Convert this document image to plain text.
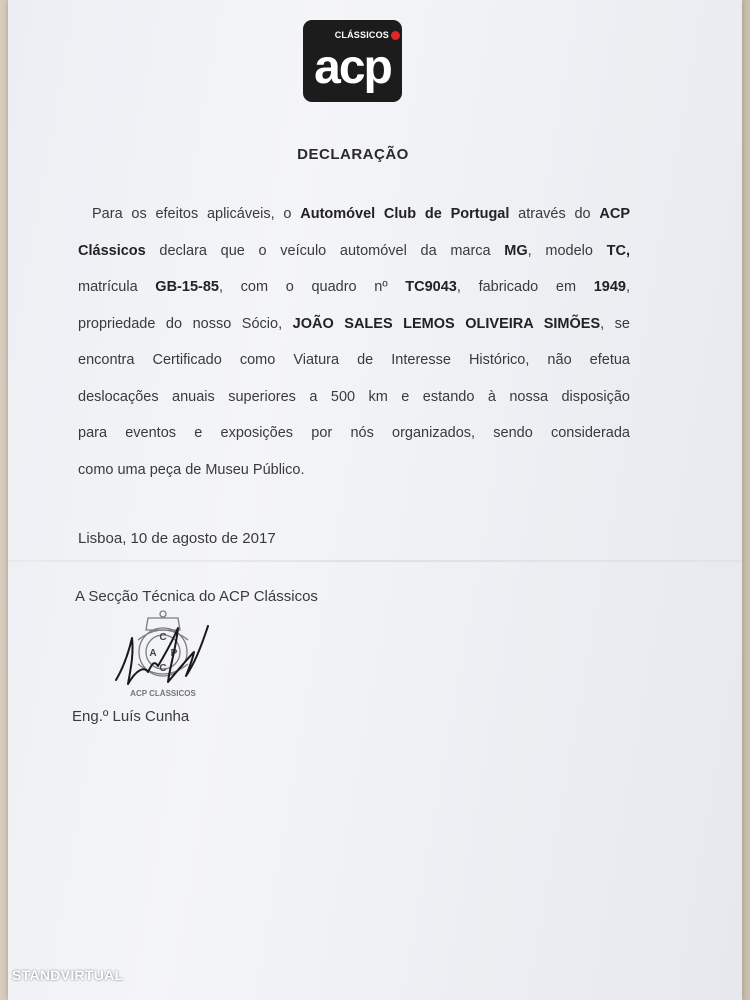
CLÁSSICOS
acp
DECLARAÇÃO
Para os efeitos aplicáveis, o Automóvel Club de Portugal através do ACP
Clássicos declara que o veículo automóvel da marca MG, modelo TC,
matrícula GB-15-85, com o quadro nº TC9043, fabricado em 1949,
propriedade do nosso Sócio, JOÃO SALES LEMOS OLIVEIRA SIMÕES, se
encontra Certificado como Viatura de Interesse Histórico, não efetua
deslocações anuais superiores a 500 km e estando à nossa disposição
para eventos e exposições por nós organizados, sendo considerada
como uma peça de Museu Público.
Lisboa, 10 de agosto de 2017
A Secção Técnica do ACP Clássicos
C
A P
C
ACP CLÁSSICOS
Eng.º Luís Cunha
STANDVIRTUAL
